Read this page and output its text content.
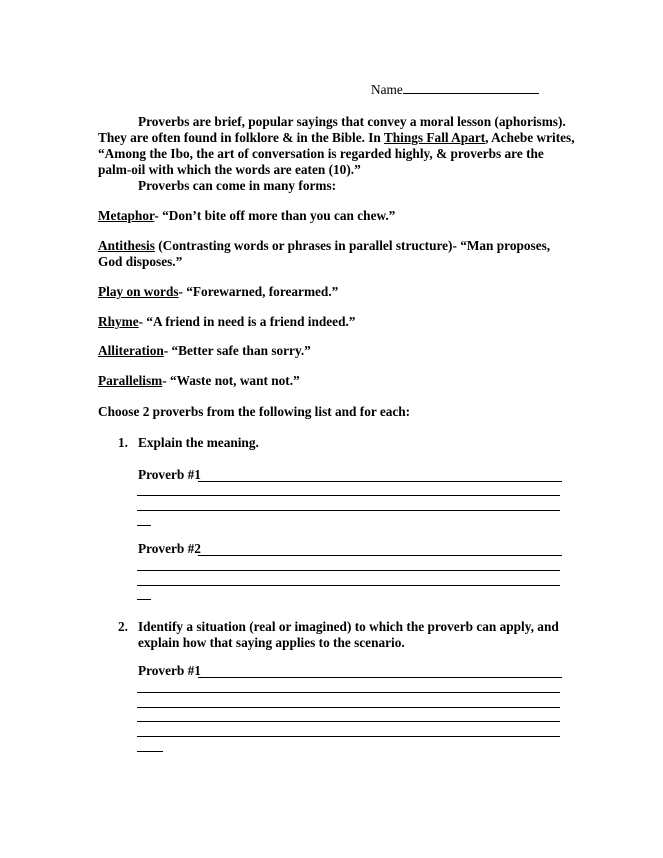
Name
Proverbs are brief, popular sayings that convey a moral lesson (aphorisms).
They are often found in folklore & in the Bible. In Things Fall Apart, Achebe writes,
“Among the Ibo, the art of conversation is regarded highly, & proverbs are the
palm-oil with which the words are eaten (10).”
Proverbs can come in many forms:
Metaphor- “Don’t bite off more than you can chew.”
Antithesis (Contrasting words or phrases in parallel structure)- “Man proposes,
God disposes.”
Play on words- “Forewarned, forearmed.”
Rhyme- “A friend in need is a friend indeed.”
Alliteration- “Better safe than sorry.”
Parallelism- “Waste not, want not.”
Choose 2 proverbs from the following list and for each:
1. Explain the meaning.
Proverb #1
Proverb #2
2. Identify a situation (real or imagined) to which the proverb can apply, and
explain how that saying applies to the scenario.
Proverb #1
